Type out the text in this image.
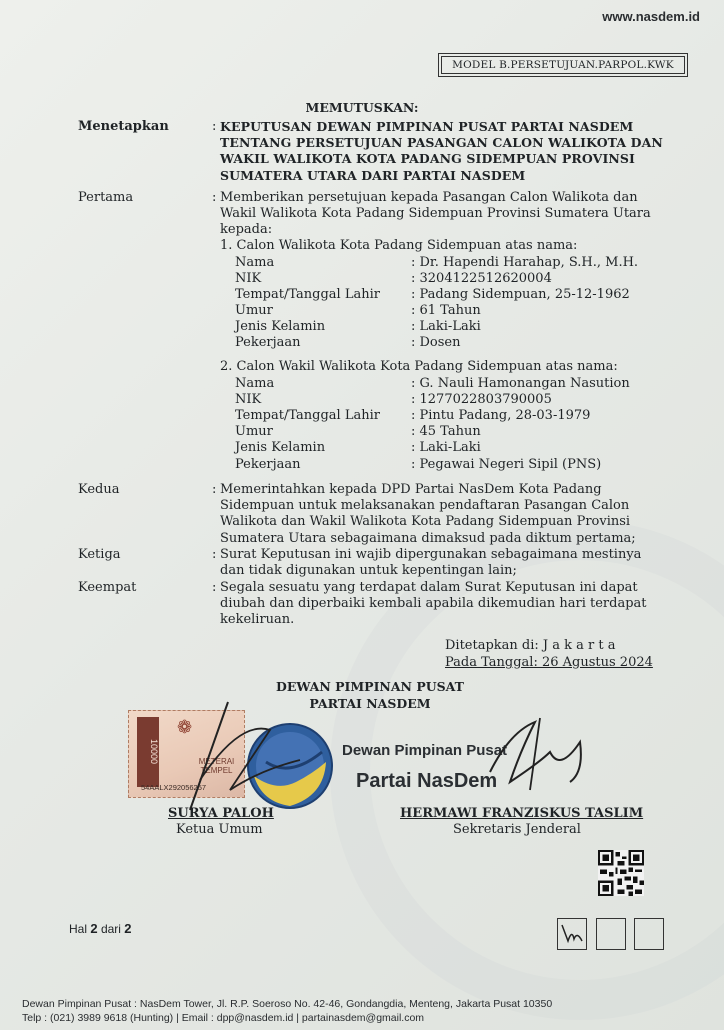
www.nasdem.id
MODEL B.PERSETUJUAN.PARPOL.KWK
MEMUTUSKAN:
Menetapkan	: KEPUTUSAN DEWAN PIMPINAN PUSAT PARTAI NASDEM
TENTANG PERSETUJUAN PASANGAN CALON WALIKOTA DAN
WAKIL WALIKOTA KOTA PADANG SIDEMPUAN PROVINSI
SUMATERA UTARA DARI PARTAI NASDEM
Pertama	: Memberikan persetujuan kepada Pasangan Calon Walikota dan
Wakil Walikota Kota Padang Sidempuan Provinsi Sumatera Utara
kepada:
1. Calon Walikota Kota Padang Sidempuan atas nama:
Nama	: Dr. Hapendi Harahap, S.H., M.H.
NIK	: 3204122512620004
Tempat/Tanggal Lahir : Padang Sidempuan, 25-12-1962
Umur	: 61 Tahun
Jenis Kelamin	: Laki-Laki
Pekerjaan	: Dosen
2. Calon Wakil Walikota Kota Padang Sidempuan atas nama:
Nama	: G. Nauli Hamonangan Nasution
NIK	: 1277022803790005
Tempat/Tanggal Lahir : Pintu Padang, 28-03-1979
Umur	: 45 Tahun
Jenis Kelamin	: Laki-Laki
Pekerjaan	: Pegawai Negeri Sipil (PNS)
Kedua	: Memerintahkan kepada DPD Partai NasDem Kota Padang
Sidempuan untuk melaksanakan pendaftaran Pasangan Calon
Walikota dan Wakil Walikota Kota Padang Sidempuan Provinsi
Sumatera Utara sebagaimana dimaksud pada diktum pertama;
Ketiga	: Surat Keputusan ini wajib dipergunakan sebagaimana mestinya
dan tidak digunakan untuk kepentingan lain;
Keempat	: Segala sesuatu yang terdapat dalam Surat Keputusan ini dapat
diubah dan diperbaiki kembali apabila dikemudian hari terdapat
kekeliruan.
Ditetapkan di: J a k a r t a
Pada Tanggal: 26 Agustus 2024
DEWAN PIMPINAN PUSAT
PARTAI NASDEM
10000
❁
METERAI TEMPEL
54AALX292056257
Dewan Pimpinan Pusat
Partai NasDem
SURYA PALOH
Ketua Umum
HERMAWI FRANZISKUS TASLIM
Sekretaris Jenderal
Hal 2 dari 2
Dewan Pimpinan Pusat : NasDem Tower, Jl. R.P. Soeroso No. 42-46, Gondangdia, Menteng, Jakarta Pusat 10350
Telp : (021) 3989 9618 (Hunting) | Email : dpp@nasdem.id | partainasdem@gmail.com
